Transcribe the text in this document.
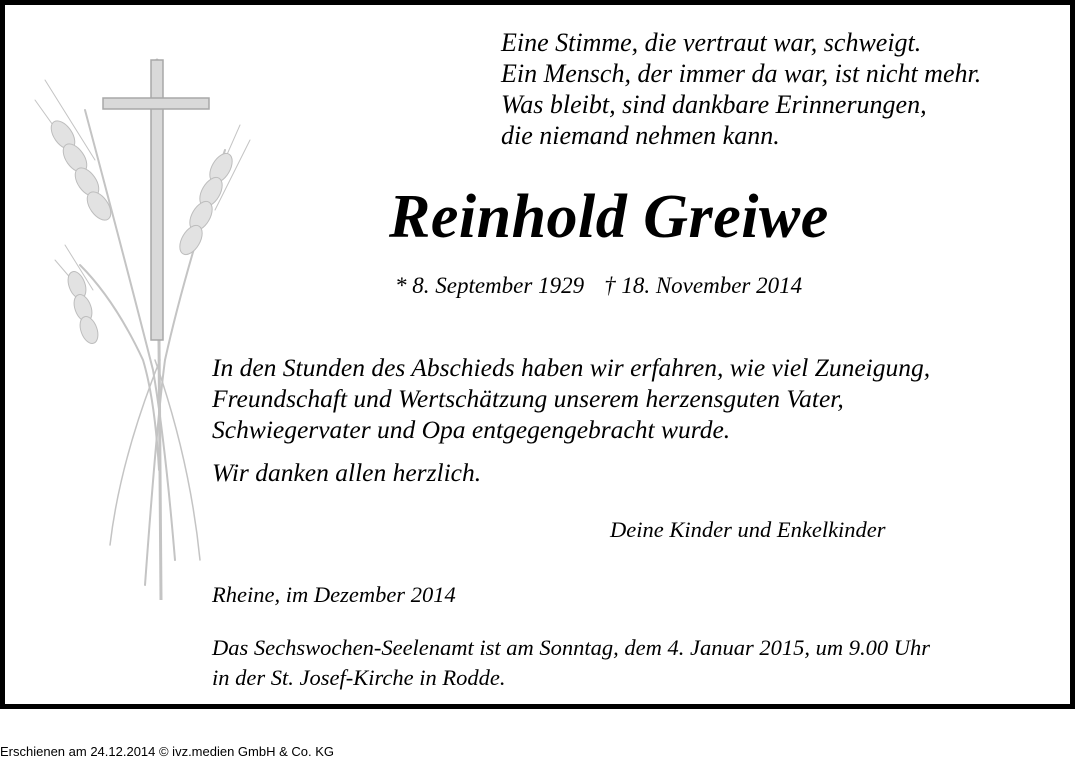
Eine Stimme, die vertraut war, schweigt.
Ein Mensch, der immer da war, ist nicht mehr.
Was bleibt, sind dankbare Erinnerungen,
die niemand nehmen kann.
Reinhold Greiwe
* 8. September 1929 † 18. November 2014
In den Stunden des Abschieds haben wir erfahren, wie viel Zuneigung,
Freundschaft und Wertschätzung unserem herzensguten Vater,
Schwiegervater und Opa entgegengebracht wurde.
Wir danken allen herzlich.
Deine Kinder und Enkelkinder
Rheine, im Dezember 2014
Das Sechswochen-Seelenamt ist am Sonntag, dem 4. Januar 2015, um 9.00 Uhr
in der St. Josef-Kirche in Rodde.
Erschienen am 24.12.2014 © ivz.medien GmbH & Co. KG
